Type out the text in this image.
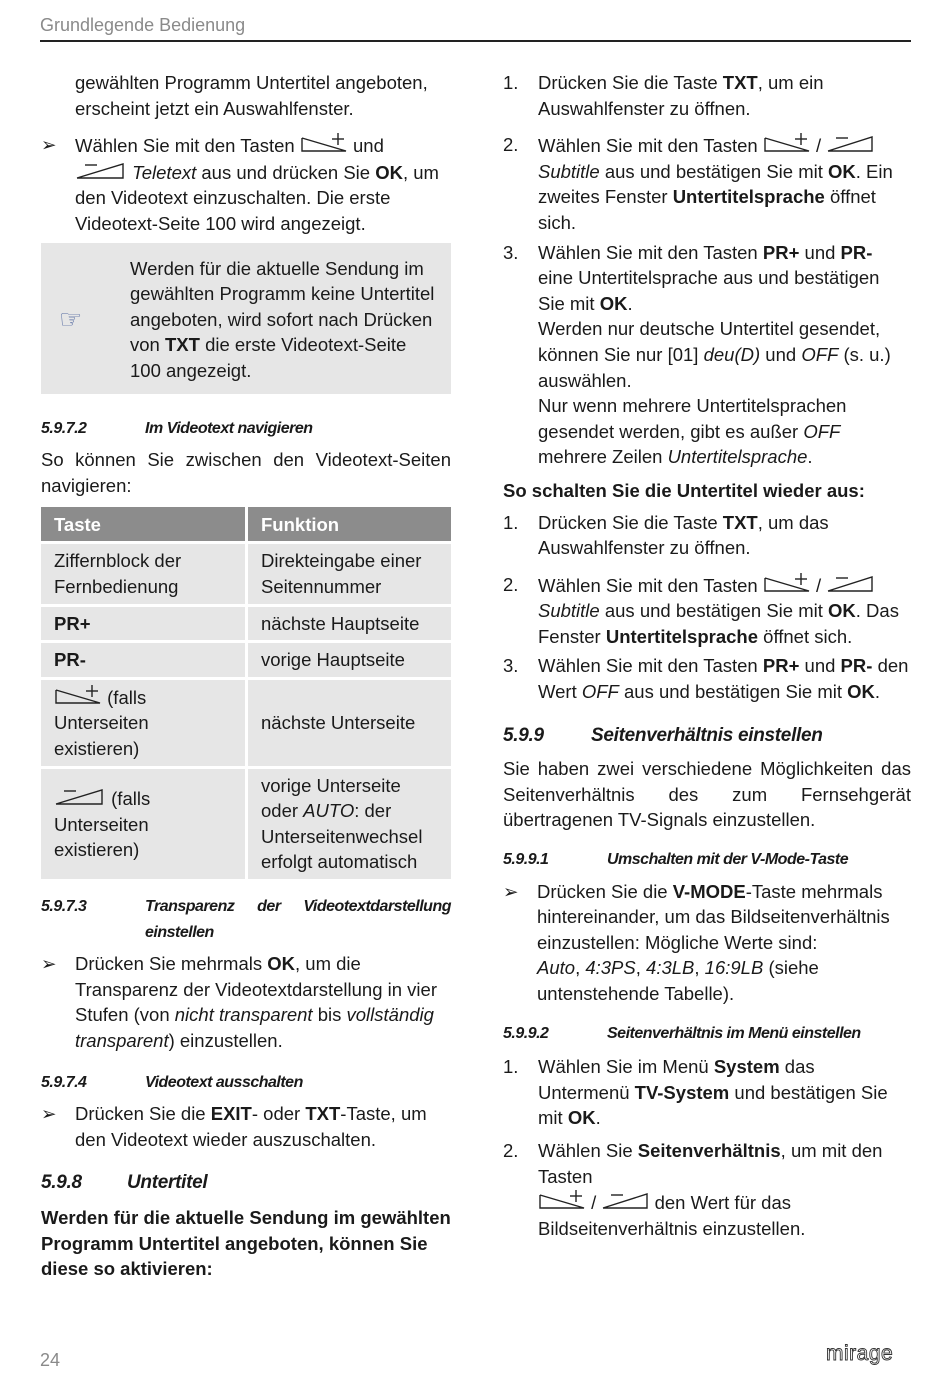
Grundlegende Bedienung

gewählten Programm Untertitel angeboten, erscheint jetzt ein Auswahlfenster.

➢ Wählen Sie mit den Tasten	und
Teletext aus und drücken Sie OK, um den Videotext einzuschalten. Die erste Videotext-Seite 100 wird angezeigt.
☞
Werden für die aktuelle Sendung im gewählten Programm keine Untertitel angeboten, wird sofort nach Drücken von TXT die erste Videotext-Seite 100 angezeigt.
5.9.7.2	Im Videotext navigieren

So können Sie zwischen den Videotext-Seiten navigieren:

Taste	Funktion
Ziffernblock der Fernbedienung	Direkteingabe einer Seitennummer
PR+	nächste Hauptseite
PR-	vorige Hauptseite
(falls Unterseiten existieren)	nächste Unterseite
(falls Unterseiten existieren)	vorige Unterseite oder AUTO: der Unterseitenwechsel erfolgt automatisch
5.9.7.3	Transparenz der Videotextdarstellung einstellen
➢ Drücken Sie mehrmals OK, um die Transparenz der Videotextdarstellung in vier Stufen (von nicht transparent bis vollständig transparent) einzustellen.
5.9.7.4	Videotext ausschalten
➢ Drücken Sie die EXIT- oder TXT-Taste, um den Videotext wieder auszuschalten.
5.9.8 Untertitel

Werden für die aktuelle Sendung im gewählten Programm Untertitel angeboten, können Sie diese so aktivieren:

1. Drücken Sie die Taste TXT, um ein Auswahlfenster zu öffnen.
2. Wählen Sie mit den Tasten	/
Subtitle aus und bestätigen Sie mit OK. Ein zweites Fenster Untertitelsprache öffnet sich.
3. Wählen Sie mit den Tasten PR+ und PR- eine Untertitelsprache aus und bestätigen Sie mit OK.
Werden nur deutsche Untertitel gesendet, können Sie nur [01] deu(D) und OFF (s. u.) auswählen.
Nur wenn mehrere Untertitelsprachen gesendet werden, gibt es außer OFF mehrere Zeilen Untertitelsprache.

So schalten Sie die Untertitel wieder aus:

1. Drücken Sie die Taste TXT, um das Auswahlfenster zu öffnen.
2. Wählen Sie mit den Tasten	/
Subtitle aus und bestätigen Sie mit OK. Das Fenster Untertitelsprache öffnet sich.
3. Wählen Sie mit den Tasten PR+ und PR- den Wert OFF aus und bestätigen Sie mit OK.
5.9.9 Seitenverhältnis einstellen

Sie haben zwei verschiedene Möglichkeiten das Seitenverhältnis des zum Fernsehgerät übertragenen TV-Signals einzustellen.

5.9.9.1	Umschalten mit der V-Mode-Taste
➢ Drücken Sie die V-MODE-Taste mehrmals hintereinander, um das Bildseitenverhältnis einzustellen: Mögliche Werte sind:
Auto, 4:3PS, 4:3LB, 16:9LB (siehe untenstehende Tabelle).
5.9.9.2	Seitenverhältnis im Menü einstellen
1. Wählen Sie im Menü System das Untermenü TV-System und bestätigen Sie mit OK.
2. Wählen Sie Seitenverhältnis, um mit den Tasten
/	den Wert für das Bildseitenverhältnis einzustellen.
24	mirage
